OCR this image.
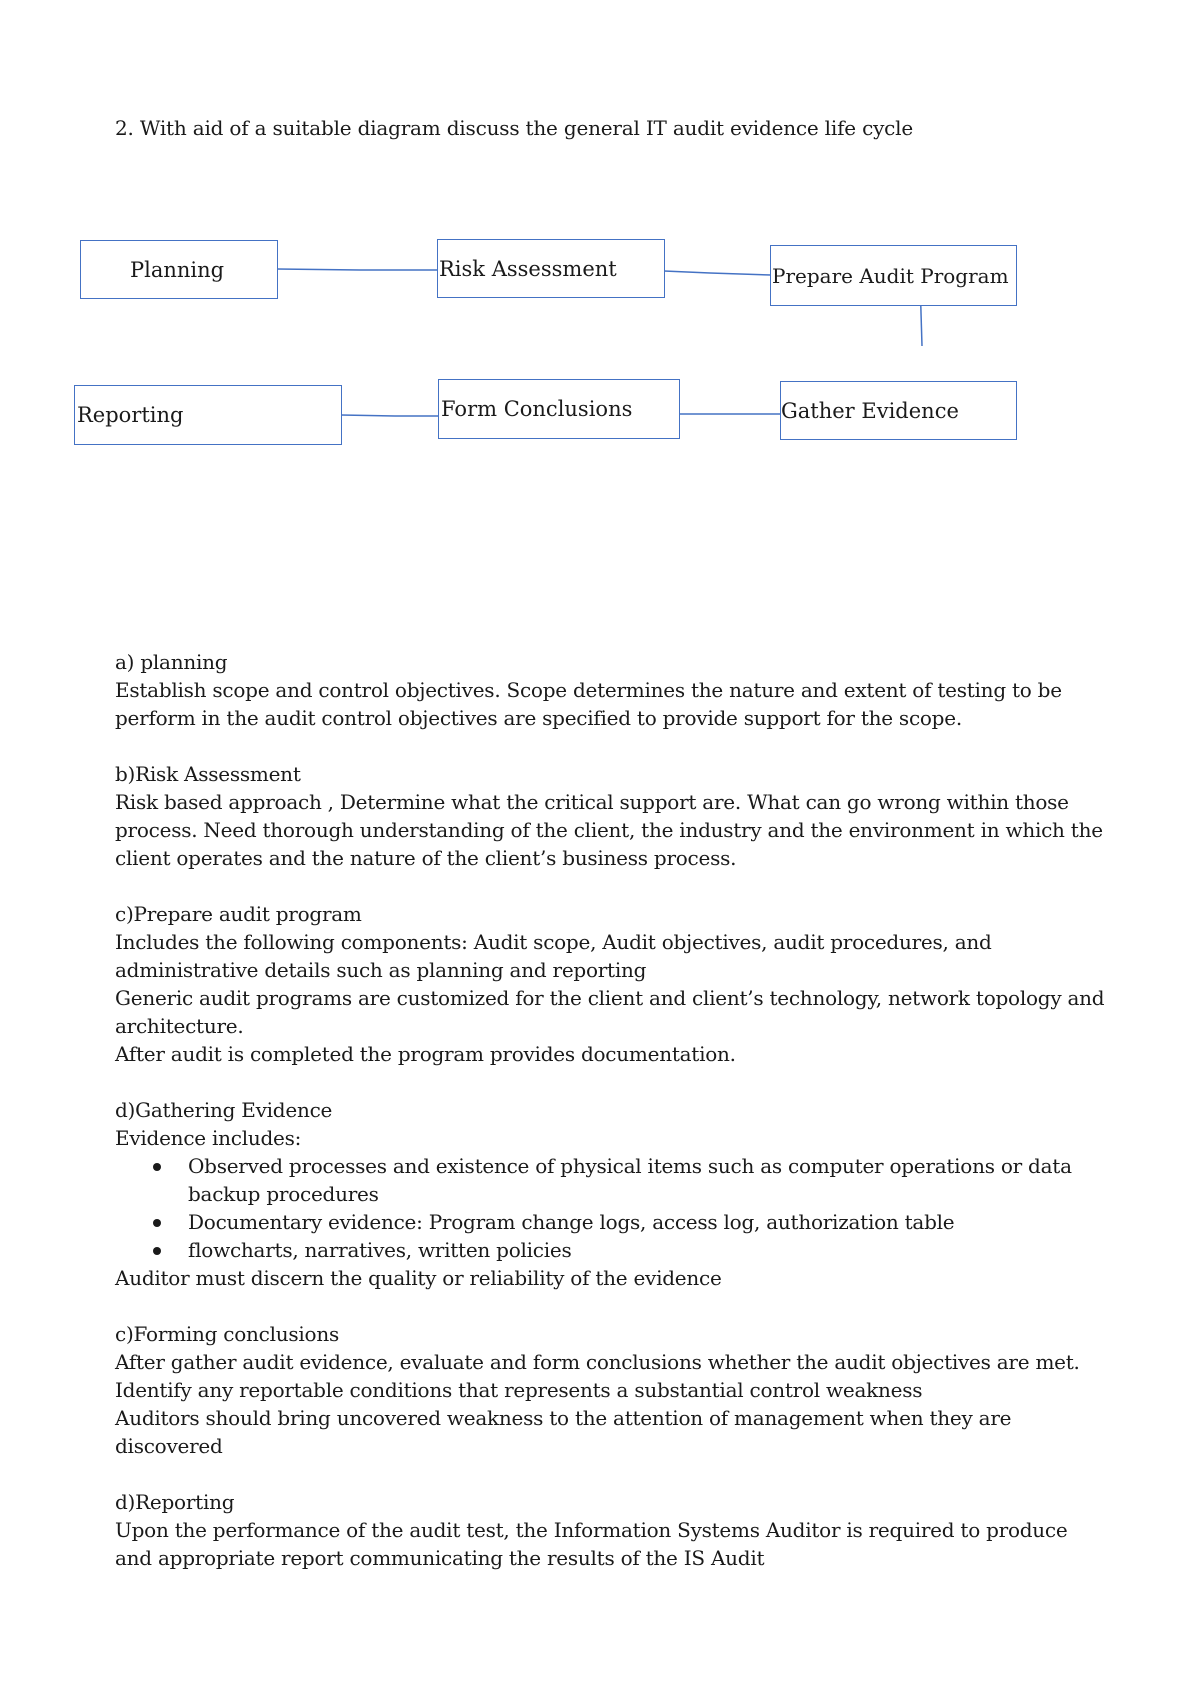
2. With aid of a suitable diagram discuss the general IT audit evidence life cycle
Planning	Risk Assessment	Prepare Audit Program
Reporting	Form Conclusions	Gather Evidence

a) planning

Establish scope and control objectives. Scope determines the nature and extent of testing to be perform in the audit control objectives are specified to provide support for the scope.

b)Risk Assessment

Risk based approach , Determine what the critical support are. What can go wrong within those process. Need thorough understanding of the client, the industry and the environment in which the client operates and the nature of the client’s business process.

c)Prepare audit program

Includes the following components: Audit scope, Audit objectives, audit procedures, and administrative details such as planning and reporting

Generic audit programs are customized for the client and client’s technology, network topology and architecture.

After audit is completed the program provides documentation.

d)Gathering Evidence

Evidence includes:

Observed processes and existence of physical items such as computer operations or data backup procedures
Documentary evidence: Program change logs, access log, authorization table
flowcharts, narratives, written policies

Auditor must discern the quality or reliability of the evidence

c)Forming conclusions

After gather audit evidence, evaluate and form conclusions whether the audit objectives are met.

Identify any reportable conditions that represents a substantial control weakness

Auditors should bring uncovered weakness to the attention of management when they are discovered

d)Reporting

Upon the performance of the audit test, the Information Systems Auditor is required to produce and appropriate report communicating the results of the IS Audit
